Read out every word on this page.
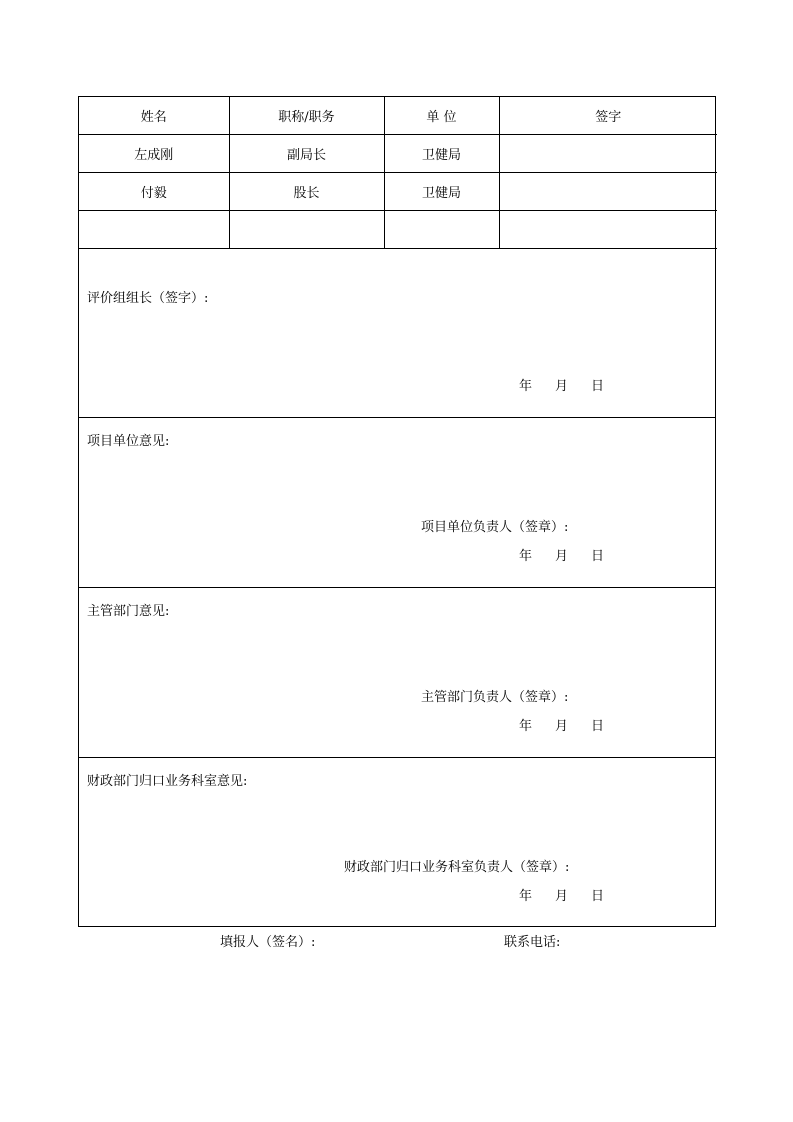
姓名	职称/职务	单 位	签字
左成刚	副局长	卫健局	
付毅	股长	卫健局	

评价组组长（签字）:
年	月	日
项目单位意见:
项目单位负责人（签章）:
年	月	日
主管部门意见:
主管部门负责人（签章）:
年	月	日
财政部门归口业务科室意见:
财政部门归口业务科室负责人（签章）:
年	月	日
填报人（签名）:	联系电话:
